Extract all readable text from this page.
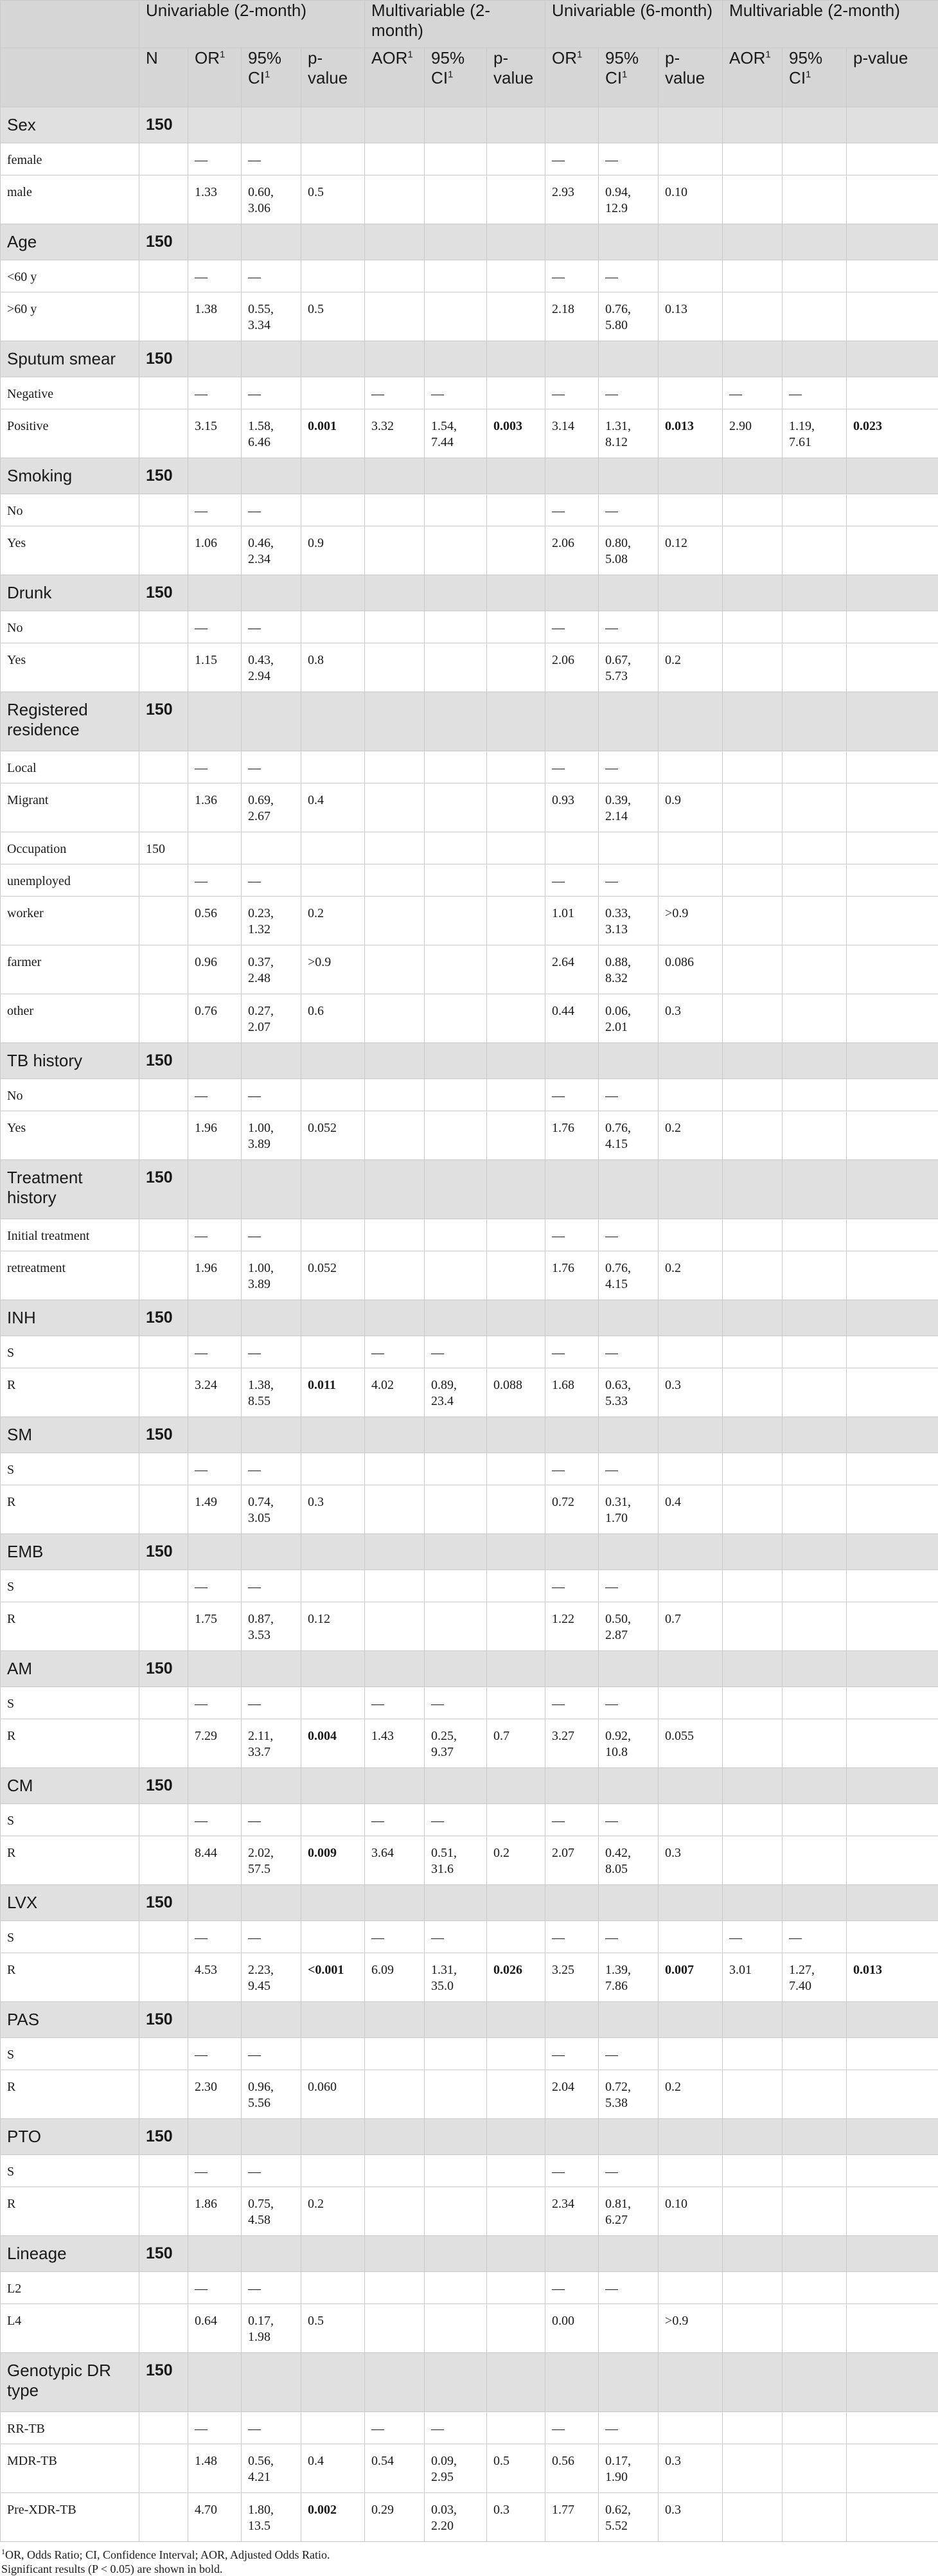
	Univariable (2-month)				Multivariable (2-month)			Univariable (6-month)			Multivariable (2-month)		
	N	$OR^1$	95% $CI^1$	p-value	AOR$^1$	95% $CI^1$	p-value	$OR^1$	95% $CI^1$	p-value	AOR$^1$	95% $CI^1$	p-value
Sex	150												
female		—	—					—	—				
male		1.33	0.60, 3.06	0.5				2.93	0.94, 12.9	0.10			
Age	150												
<60 y		—	—					—	—				
>60 y		1.38	0.55, 3.34	0.5				2.18	0.76, 5.80	0.13			
Sputum smear	150												
Negative		—	—		—	—		—	—		—	—	
Positive		3.15	1.58, 6.46	0.001	3.32	1.54, 7.44	0.003	3.14	1.31, 8.12	0.013	2.90	1.19, 7.61	0.023
Smoking	150												
No		—	—					—	—				
Yes		1.06	0.46, 2.34	0.9				2.06	0.80, 5.08	0.12			
Drunk	150												
No		—	—					—	—				
Yes		1.15	0.43, 2.94	0.8				2.06	0.67, 5.73	0.2			
Registered residence	150												
Local		—	—					—	—				
Migrant		1.36	0.69, 2.67	0.4				0.93	0.39, 2.14	0.9			
Occupation	150												
unemployed		—	—					—	—				
worker		0.56	0.23, 1.32	0.2				1.01	0.33, 3.13	>0.9			
farmer		0.96	0.37, 2.48	>0.9				2.64	0.88, 8.32	0.086			
other		0.76	0.27, 2.07	0.6				0.44	0.06, 2.01	0.3			
TB history	150												
No		—	—					—	—				
Yes		1.96	1.00, 3.89	0.052				1.76	0.76, 4.15	0.2			
Treatment history	150												
Initial treatment		—	—					—	—				
retreatment		1.96	1.00, 3.89	0.052				1.76	0.76, 4.15	0.2			
INH	150												
S		—	—		—	—		—	—				
R		3.24	1.38, 8.55	0.011	4.02	0.89, 23.4	0.088	1.68	0.63, 5.33	0.3			
SM	150												
S		—	—					—	—				
R		1.49	0.74, 3.05	0.3				0.72	0.31, 1.70	0.4			
EMB	150												
S		—	—					—	—				
R		1.75	0.87, 3.53	0.12				1.22	0.50, 2.87	0.7			
AM	150												
S		—	—		—	—		—	—				
R		7.29	2.11, 33.7	0.004	1.43	0.25, 9.37	0.7	3.27	0.92, 10.8	0.055			
CM	150												
S		—	—		—	—		—	—				
R		8.44	2.02, 57.5	0.009	3.64	0.51, 31.6	0.2	2.07	0.42, 8.05	0.3			
LVX	150												
S		—	—		—	—		—	—		—	—	
R		4.53	2.23, 9.45	<0.001	6.09	1.31, 35.0	0.026	3.25	1.39, 7.86	0.007	3.01	1.27, 7.40	0.013
PAS	150												
S		—	—					—	—				
R		2.30	0.96, 5.56	0.060				2.04	0.72, 5.38	0.2			
PTO	150												
S		—	—					—	—				
R		1.86	0.75, 4.58	0.2				2.34	0.81, 6.27	0.10			
Lineage	150												
L2		—	—					—	—				
L4		0.64	0.17, 1.98	0.5				0.00		>0.9			
Genotypic DR type	150												
RR-TB		—	—		—	—		—	—				
MDR-TB		1.48	0.56, 4.21	0.4	0.54	0.09, 2.95	0.5	0.56	0.17, 1.90	0.3			
Pre-XDR-TB		4.70	1.80, 13.5	0.002	0.29	0.03, 2.20	0.3	1.77	0.62, 5.52	0.3			
$^1$OR, Odds Ratio; CI, Confidence Interval; AOR, Adjusted Odds Ratio.
Significant results (P < 0.05) are shown in bold.
